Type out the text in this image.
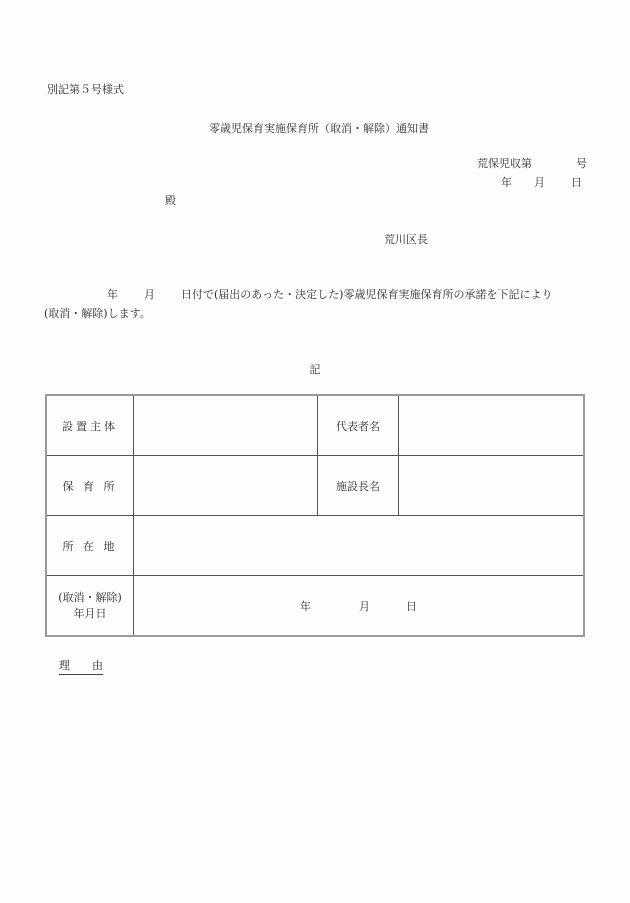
別記第５号様式
零歳児保育実施保育所（取消・解除）通知書
荒保児収第	号
年 月 日
殿
荒川区長
年 月 日付で(届出のあった・決定した)零歳児保育実施保育所の承諾を下記により
(取消・解除)します。
記
設置主体		代表者名	
保 育 所		施設長名	
所 在 地			

(取消・解除)
年月日	年 月 日		
理 由
